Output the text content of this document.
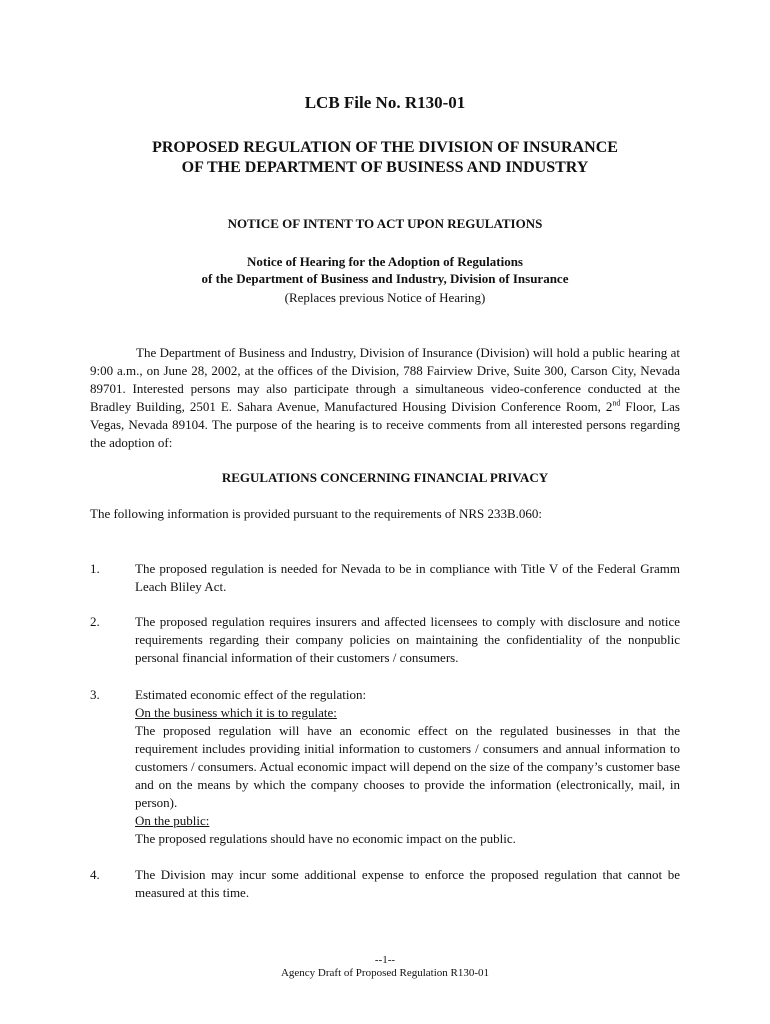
LCB File No. R130-01
PROPOSED REGULATION OF THE DIVISION OF INSURANCE
OF THE DEPARTMENT OF BUSINESS AND INDUSTRY
NOTICE OF INTENT TO ACT UPON REGULATIONS
Notice of Hearing for the Adoption of Regulations
of the Department of Business and Industry, Division of Insurance
(Replaces previous Notice of Hearing)
The Department of Business and Industry, Division of Insurance (Division) will hold a public hearing at 9:00 a.m., on June 28, 2002, at the offices of the Division, 788 Fairview Drive, Suite 300, Carson City, Nevada 89701. Interested persons may also participate through a simultaneous video-conference conducted at the Bradley Building, 2501 E. Sahara Avenue, Manufactured Housing Division Conference Room, 2nd Floor, Las Vegas, Nevada 89104. The purpose of the hearing is to receive comments from all interested persons regarding the adoption of:
REGULATIONS CONCERNING FINANCIAL PRIVACY
The following information is provided pursuant to the requirements of NRS 233B.060:
1.	The proposed regulation is needed for Nevada to be in compliance with Title V of the Federal Gramm Leach Bliley Act.
2.	The proposed regulation requires insurers and affected licensees to comply with disclosure and notice requirements regarding their company policies on maintaining the confidentiality of the nonpublic personal financial information of their customers / consumers.
3.	Estimated economic effect of the regulation:
On the business which it is to regulate:
The proposed regulation will have an economic effect on the regulated businesses in that the requirement includes providing initial information to customers / consumers and annual information to customers / consumers. Actual economic impact will depend on the size of the company’s customer base and on the means by which the company chooses to provide the information (electronically, mail, in person).
On the public:
The proposed regulations should have no economic impact on the public.
4.	The Division may incur some additional expense to enforce the proposed regulation that cannot be measured at this time.
--1--
Agency Draft of Proposed Regulation R130-01
